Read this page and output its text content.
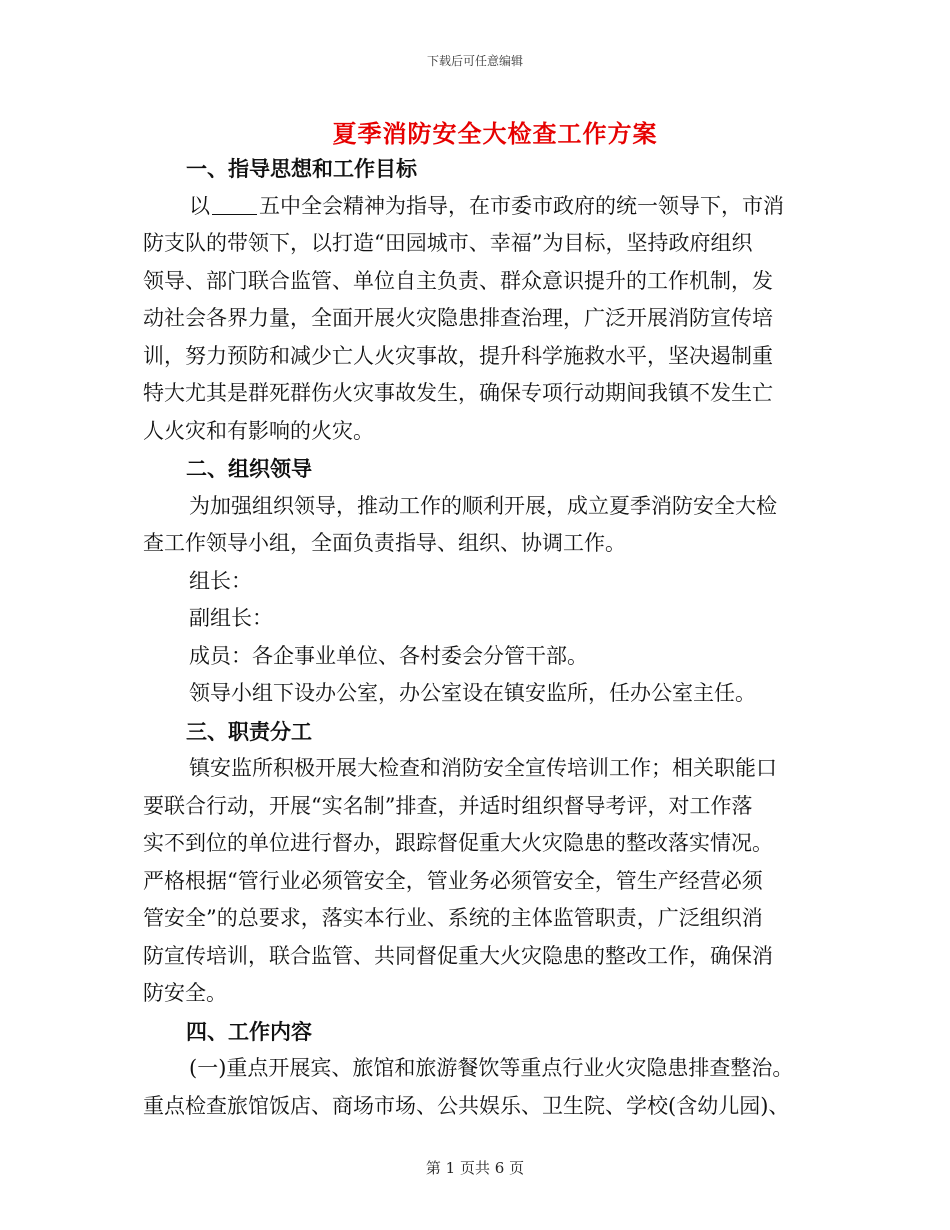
下载后可任意编辑
夏季消防安全大检查工作方案
一、指导思想和工作目标
以 五中全会精神为指导，在市委市政府的统一领导下，市消
防支队的带领下，以打造“田园城市、幸福”为目标，坚持政府组织
领导、部门联合监管、单位自主负责、群众意识提升的工作机制，发
动社会各界力量，全面开展火灾隐患排查治理，广泛开展消防宣传培
训，努力预防和减少亡人火灾事故，提升科学施救水平，坚决遏制重
特大尤其是群死群伤火灾事故发生，确保专项行动期间我镇不发生亡
人火灾和有影响的火灾。
二、组织领导
为加强组织领导，推动工作的顺利开展，成立夏季消防安全大检
查工作领导小组，全面负责指导、组织、协调工作。
组长：
副组长：
成员：各企事业单位、各村委会分管干部。
领导小组下设办公室，办公室设在镇安监所，任办公室主任。
三、职责分工
镇安监所积极开展大检查和消防安全宣传培训工作；相关职能口
要联合行动，开展“实名制”排查，并适时组织督导考评，对工作落
实不到位的单位进行督办，跟踪督促重大火灾隐患的整改落实情况。
严格根据“管行业必须管安全，管业务必须管安全，管生产经营必须
管安全”的总要求，落实本行业、系统的主体监管职责，广泛组织消
防宣传培训，联合监管、共同督促重大火灾隐患的整改工作，确保消
防安全。
四、工作内容
(一)重点开展宾、旅馆和旅游餐饮等重点行业火灾隐患排查整治。
重点检查旅馆饭店、商场市场、公共娱乐、卫生院、学校(含幼儿园)、
第 1 页共 6 页
